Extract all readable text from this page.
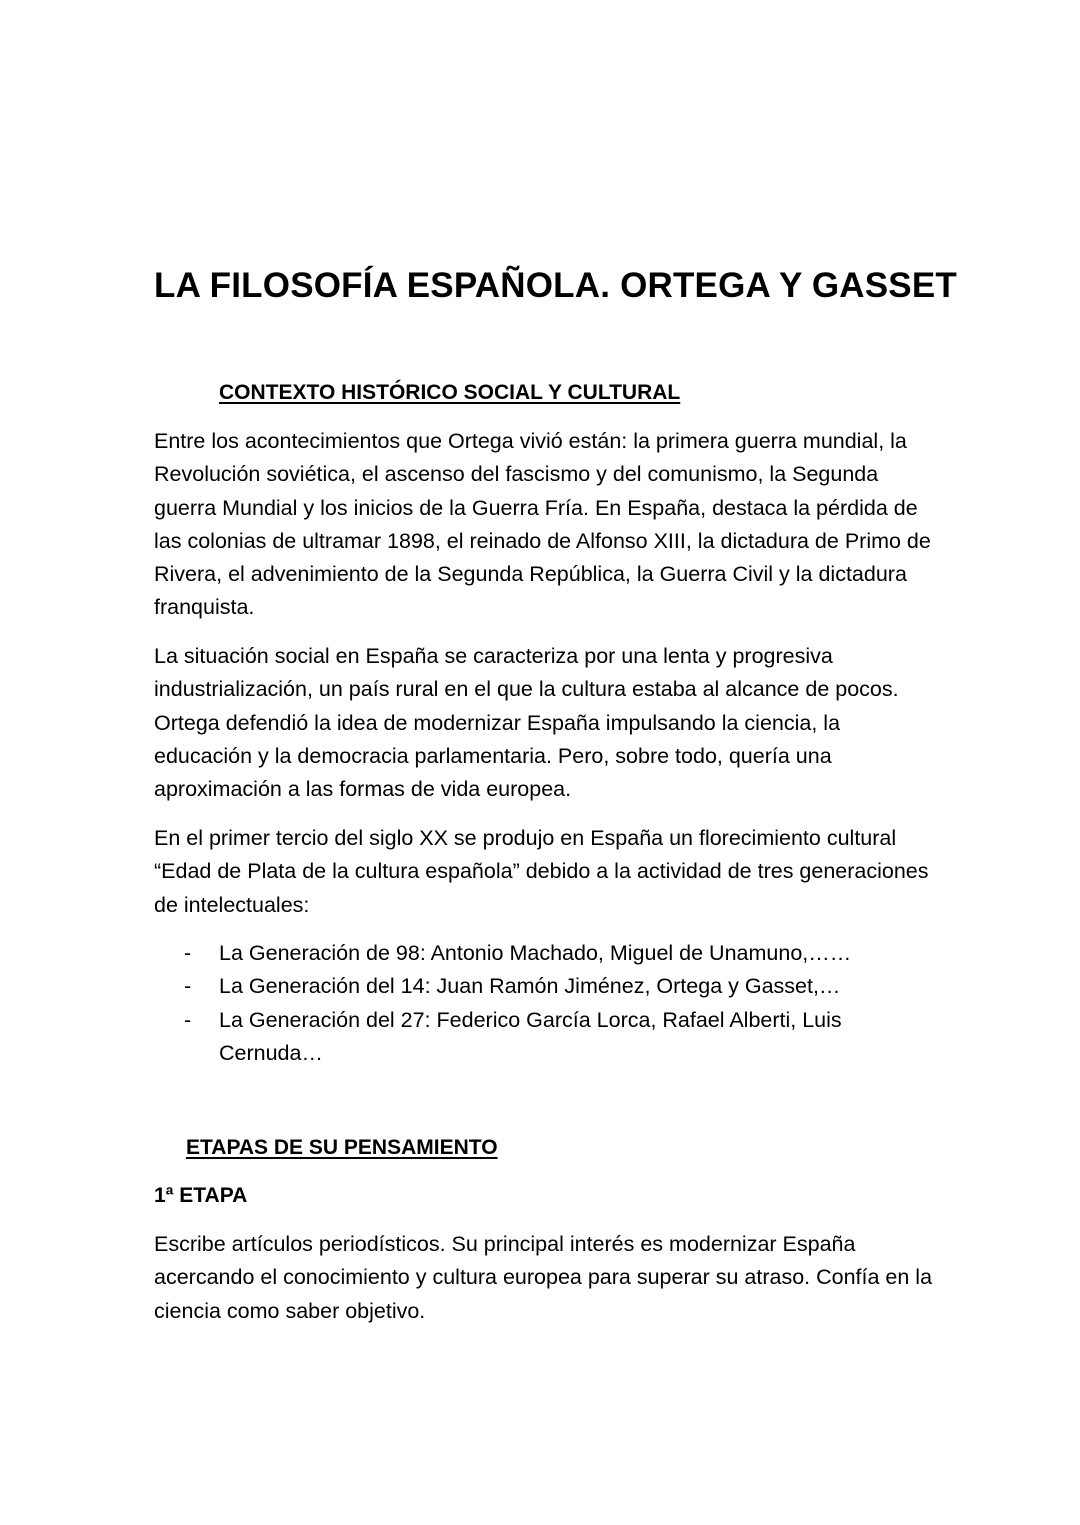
LA FILOSOFÍA ESPAÑOLA. ORTEGA Y GASSET
CONTEXTO HISTÓRICO SOCIAL Y CULTURAL

Entre los acontecimientos que Ortega vivió están: la primera guerra mundial, la Revolución soviética, el ascenso del fascismo y del comunismo, la Segunda guerra Mundial y los inicios de la Guerra Fría. En España, destaca la pérdida de las colonias de ultramar 1898, el reinado de Alfonso XIII, la dictadura de Primo de Rivera, el advenimiento de la Segunda República, la Guerra Civil y la dictadura franquista.

La situación social en España se caracteriza por una lenta y progresiva industrialización, un país rural en el que la cultura estaba al alcance de pocos. Ortega defendió la idea de modernizar España impulsando la ciencia, la educación y la democracia parlamentaria. Pero, sobre todo, quería una aproximación a las formas de vida europea.

En el primer tercio del siglo XX se produjo en España un florecimiento cultural “Edad de Plata de la cultura española” debido a la actividad de tres generaciones de intelectuales:

- La Generación de 98: Antonio Machado, Miguel de Unamuno,……
- La Generación del 14: Juan Ramón Jiménez, Ortega y Gasset,…
- La Generación del 27: Federico García Lorca, Rafael Alberti, Luis Cernuda…
ETAPAS DE SU PENSAMIENTO
1ª ETAPA

Escribe artículos periodísticos. Su principal interés es modernizar España acercando el conocimiento y cultura europea para superar su atraso. Confía en la ciencia como saber objetivo.
